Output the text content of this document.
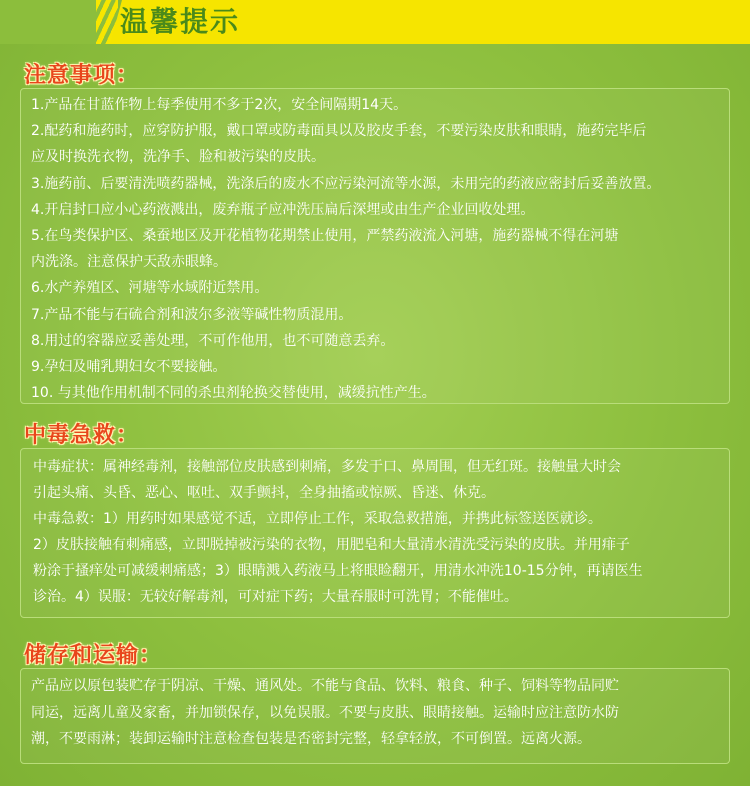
温馨提示
注意事项：
1.产品在甘蓝作物上每季使用不多于2次，安全间隔期14天。
2.配药和施药时，应穿防护服，戴口罩或防毒面具以及胶皮手套，不要污染皮肤和眼睛，施药完毕后
应及时换洗衣物，洗净手、脸和被污染的皮肤。
3.施药前、后要清洗喷药器械，洗涤后的废水不应污染河流等水源，未用完的药液应密封后妥善放置。
4.开启封口应小心药液溅出，废弃瓶子应冲洗压扁后深埋或由生产企业回收处理。
5.在鸟类保护区、桑蚕地区及开花植物花期禁止使用，严禁药液流入河塘，施药器械不得在河塘
内洗涤。注意保护天敌赤眼蜂。
6.水产养殖区、河塘等水域附近禁用。
7.产品不能与石硫合剂和波尔多液等碱性物质混用。
8.用过的容器应妥善处理，不可作他用，也不可随意丢弃。
9.孕妇及哺乳期妇女不要接触。
10. 与其他作用机制不同的杀虫剂轮换交替使用，减缓抗性产生。
中毒急救：
中毒症状：属神经毒剂，接触部位皮肤感到刺痛，多发于口、鼻周围，但无红斑。接触量大时会
引起头痛、头昏、恶心、呕吐、双手颤抖，全身抽搐或惊厥、昏迷、休克。
中毒急救：1）用药时如果感觉不适，立即停止工作，采取急救措施，并携此标签送医就诊。
2）皮肤接触有刺痛感，立即脱掉被污染的衣物，用肥皂和大量清水清洗受污染的皮肤。并用痱子
粉涂于搔痒处可减缓刺痛感；3）眼睛溅入药液马上将眼睑翻开，用清水冲洗10-15分钟，再请医生
诊治。4）误服：无较好解毒剂，可对症下药；大量吞服时可洗胃；不能催吐。
储存和运输：
产品应以原包装贮存于阴凉、干燥、通风处。不能与食品、饮料、粮食、种子、饲料等物品同贮
同运，远离儿童及家畜，并加锁保存，以免误服。不要与皮肤、眼睛接触。运输时应注意防水防
潮，不要雨淋；装卸运输时注意检查包装是否密封完整，轻拿轻放，不可倒置。远离火源。
